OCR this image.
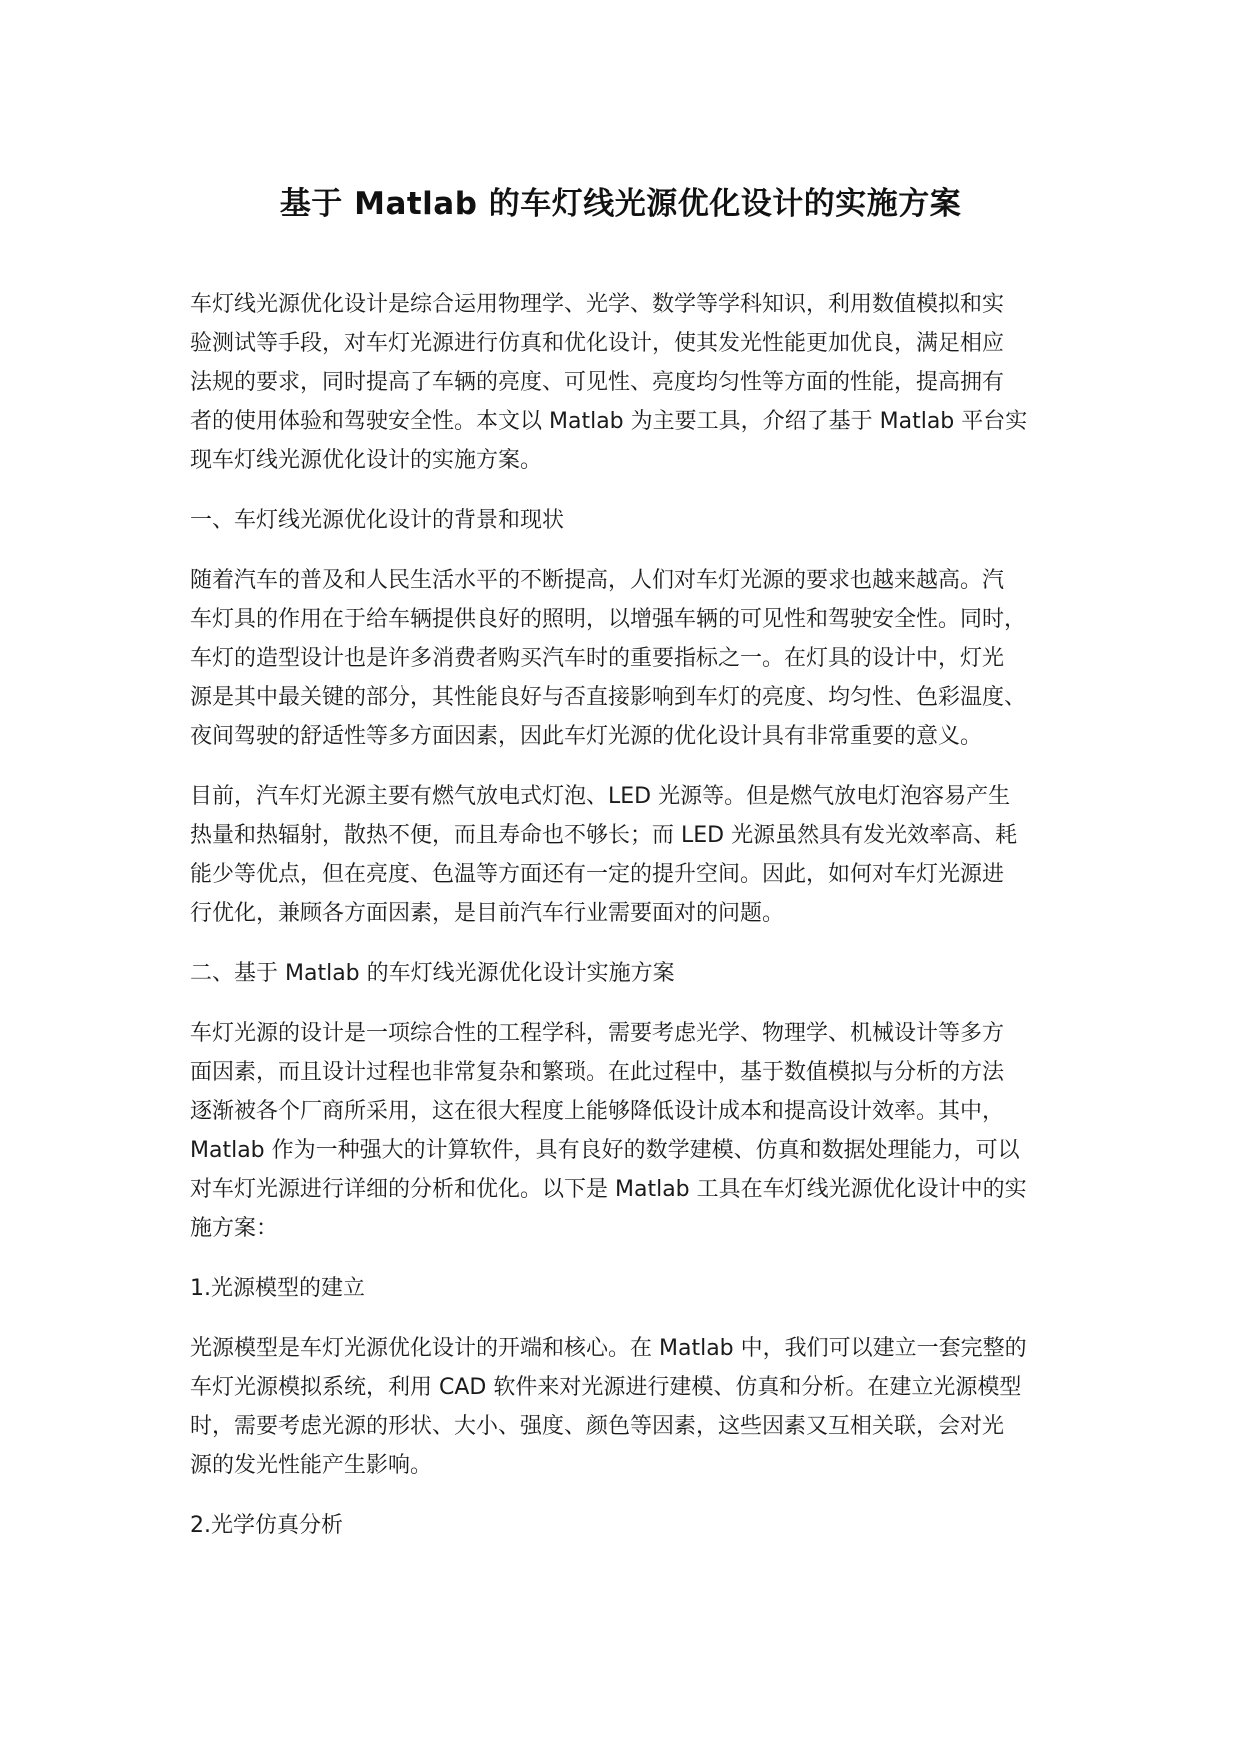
基于 Matlab 的车灯线光源优化设计的实施方案
车灯线光源优化设计是综合运用物理学、光学、数学等学科知识，利用数值模拟和实
验测试等手段，对车灯光源进行仿真和优化设计，使其发光性能更加优良，满足相应
法规的要求，同时提高了车辆的亮度、可见性、亮度均匀性等方面的性能，提高拥有
者的使用体验和驾驶安全性。本文以 Matlab 为主要工具，介绍了基于 Matlab 平台实
现车灯线光源优化设计的实施方案。
一、车灯线光源优化设计的背景和现状
随着汽车的普及和人民生活水平的不断提高，人们对车灯光源的要求也越来越高。汽
车灯具的作用在于给车辆提供良好的照明，以增强车辆的可见性和驾驶安全性。同时，
车灯的造型设计也是许多消费者购买汽车时的重要指标之一。在灯具的设计中，灯光
源是其中最关键的部分，其性能良好与否直接影响到车灯的亮度、均匀性、色彩温度、
夜间驾驶的舒适性等多方面因素，因此车灯光源的优化设计具有非常重要的意义。
目前，汽车灯光源主要有燃气放电式灯泡、LED 光源等。但是燃气放电灯泡容易产生
热量和热辐射，散热不便，而且寿命也不够长；而 LED 光源虽然具有发光效率高、耗
能少等优点，但在亮度、色温等方面还有一定的提升空间。因此，如何对车灯光源进
行优化，兼顾各方面因素，是目前汽车行业需要面对的问题。
二、基于 Matlab 的车灯线光源优化设计实施方案
车灯光源的设计是一项综合性的工程学科，需要考虑光学、物理学、机械设计等多方
面因素，而且设计过程也非常复杂和繁琐。在此过程中，基于数值模拟与分析的方法
逐渐被各个厂商所采用，这在很大程度上能够降低设计成本和提高设计效率。其中，
Matlab 作为一种强大的计算软件，具有良好的数学建模、仿真和数据处理能力，可以
对车灯光源进行详细的分析和优化。以下是 Matlab 工具在车灯线光源优化设计中的实
施方案：
1.光源模型的建立
光源模型是车灯光源优化设计的开端和核心。在 Matlab 中，我们可以建立一套完整的
车灯光源模拟系统，利用 CAD 软件来对光源进行建模、仿真和分析。在建立光源模型
时，需要考虑光源的形状、大小、强度、颜色等因素，这些因素又互相关联，会对光
源的发光性能产生影响。
2.光学仿真分析
